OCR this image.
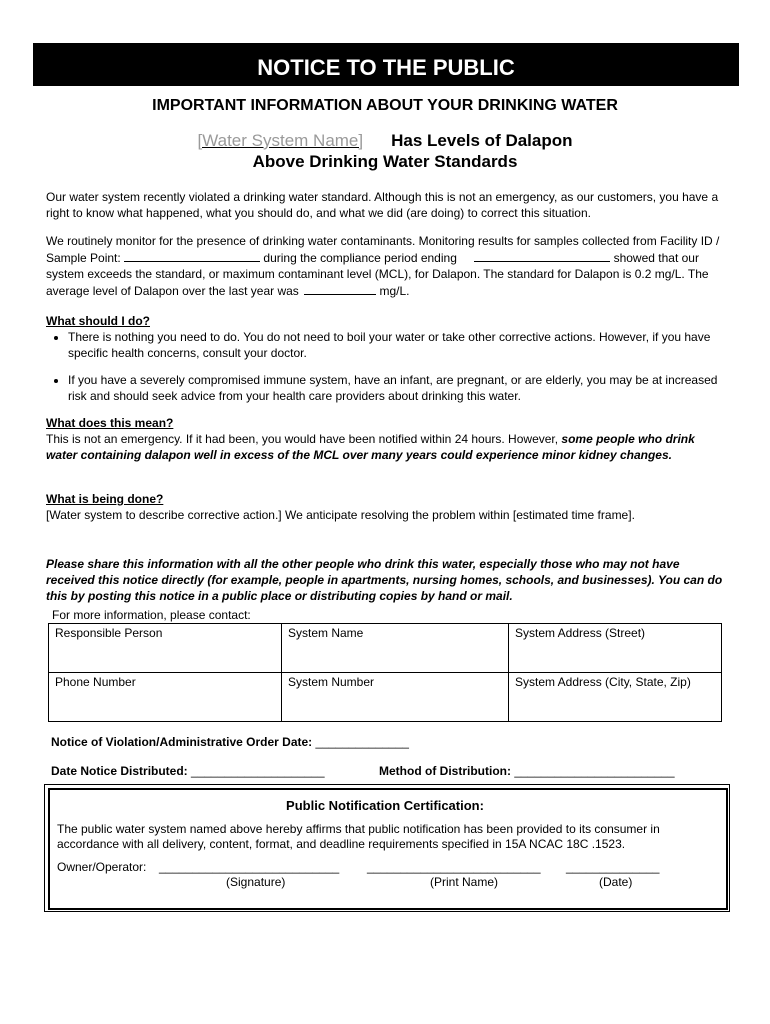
NOTICE TO THE PUBLIC
IMPORTANT INFORMATION ABOUT YOUR DRINKING WATER
[Water System Name] Has Levels of Dalapon
Above Drinking Water Standards
Our water system recently violated a drinking water standard. Although this is not an emergency, as our customers, you have a right to know what happened, what you should do, and what we did (are doing) to correct this situation.
We routinely monitor for the presence of drinking water contaminants. Monitoring results for samples collected from Facility ID / Sample Point:	during the compliance period ending	showed that our system exceeds the standard, or maximum contaminant level (MCL), for Dalapon. The standard for Dalapon is 0.2 mg/L. The average level of Dalapon over the last year was	mg/L.
What should I do?
• There is nothing you need to do. You do not need to boil your water or take other corrective actions. However, if you have specific health concerns, consult your doctor.
• If you have a severely compromised immune system, have an infant, are pregnant, or are elderly, you may be at increased risk and should seek advice from your health care providers about drinking this water.
What does this mean?
This is not an emergency. If it had been, you would have been notified within 24 hours. However, some people who drink water containing dalapon well in excess of the MCL over many years could experience minor kidney changes.
What is being done?
[Water system to describe corrective action.] We anticipate resolving the problem within [estimated time frame].
Please share this information with all the other people who drink this water, especially those who may not have received this notice directly (for example, people in apartments, nursing homes, schools, and businesses). You can do this by posting this notice in a public place or distributing copies by hand or mail.
For more information, please contact:
Responsible Person	System Name	System Address (Street)
Phone Number	System Number	System Address (City, State, Zip)
Notice of Violation/Administrative Order Date: ______________
Date Notice Distributed: ____________________	Method of Distribution: ________________________
Public Notification Certification:
The public water system named above hereby affirms that public notification has been provided to its consumer in accordance with all delivery, content, format, and deadline requirements specified in 15A NCAC 18C .1523.
Owner/Operator: ___________________________ __________________________ ______________
(Signature)	(Print Name)	(Date)
